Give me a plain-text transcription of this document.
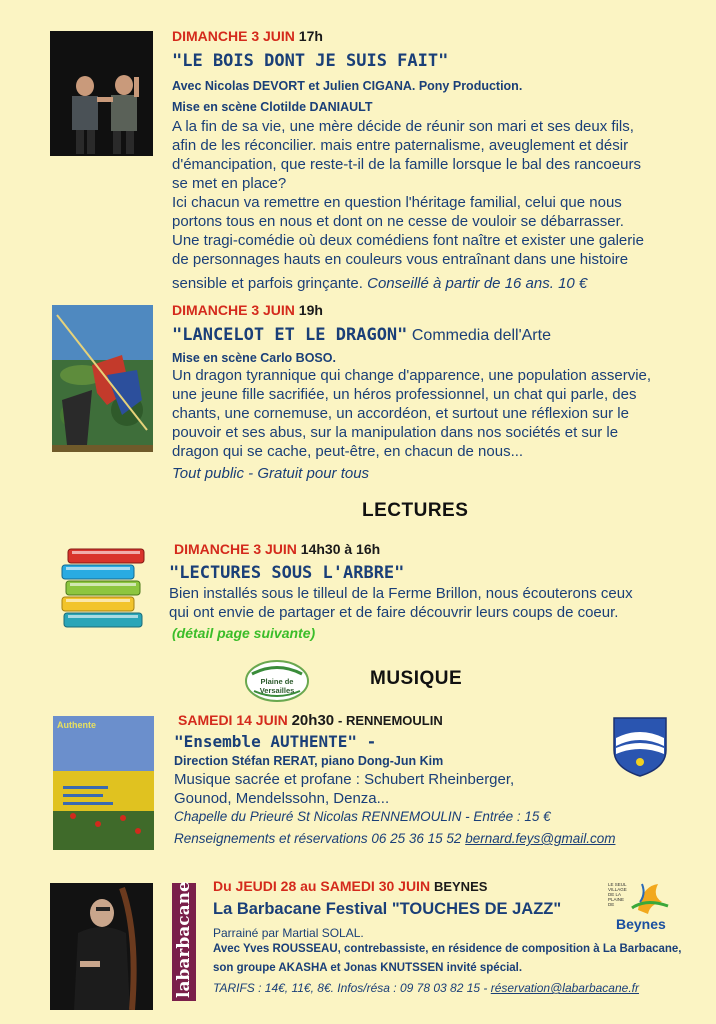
DIMANCHE 3 JUIN 17h
"LE BOIS DONT JE SUIS FAIT"
Avec Nicolas DEVORT et Julien CIGANA. Pony Production.
Mise en scène Clotilde DANIAULT
A la fin de sa vie, une mère décide de réunir son mari et ses deux fils,
afin de les réconcilier. mais entre paternalisme, aveuglement et désir
d'émancipation, que reste-t-il de la famille lorsque le bal des rancoeurs
se met en place?
Ici chacun va remettre en question l'héritage familial, celui que nous
portons tous en nous et dont on ne cesse de vouloir se débarrasser.
Une tragi-comédie où deux comédiens font naître et exister une galerie
de personnages hauts en couleurs vous entraînant dans une histoire
sensible et parfois grinçante. Conseillé à partir de 16 ans. 10 €
DIMANCHE 3 JUIN 19h
"LANCELOT ET LE DRAGON" Commedia dell'Arte
Mise en scène Carlo BOSO.
Un dragon tyrannique qui change d'apparence, une population asservie,
une jeune fille sacrifiée, un héros professionnel, un chat qui parle, des
chants, une cornemuse, un accordéon, et surtout une réflexion sur le
pouvoir et ses abus, sur la manipulation dans nos sociétés et sur le
dragon qui se cache, peut-être, en chacun de nous...
Tout public - Gratuit pour tous
LECTURES
DIMANCHE 3 JUIN 14h30 à 16h
"LECTURES SOUS L'ARBRE"
Bien installés sous le tilleul de la Ferme Brillon, nous écouterons ceux
qui ont envie de partager et de faire découvrir leurs coups de coeur.
(détail page suivante)
Plaine de Versailles
MUSIQUE
Authente	SAMEDI 14 JUIN 20h30 - RENNEMOULIN
"Ensemble AUTHENTE" -
Direction Stéfan RERAT, piano Dong-Jun Kim
Musique sacrée et profane : Schubert Rheinberger,
Gounod, Mendelssohn, Denza...
Chapelle du Prieuré St Nicolas RENNEMOULIN - Entrée : 15 €
Renseignements et réservations 06 25 36 15 52 bernard.feys@gmail.com
labarbacane Du JEUDI 28 au SAMEDI 30 JUIN BEYNES
La Barbacane Festival "TOUCHES DE JAZZ"
Parrainé par Martial SOLAL.
Avec Yves ROUSSEAU, contrebassiste, en résidence de composition à La Barbacane,
son groupe AKASHA et Jonas KNUTSSEN invité spécial.
TARIFS : 14€, 11€, 8€. Infos/résa : 09 78 03 82 15 - réservation@labarbacane.fr
LE SEUL VILLAGE DE LA PLAINE DE
Beynes
